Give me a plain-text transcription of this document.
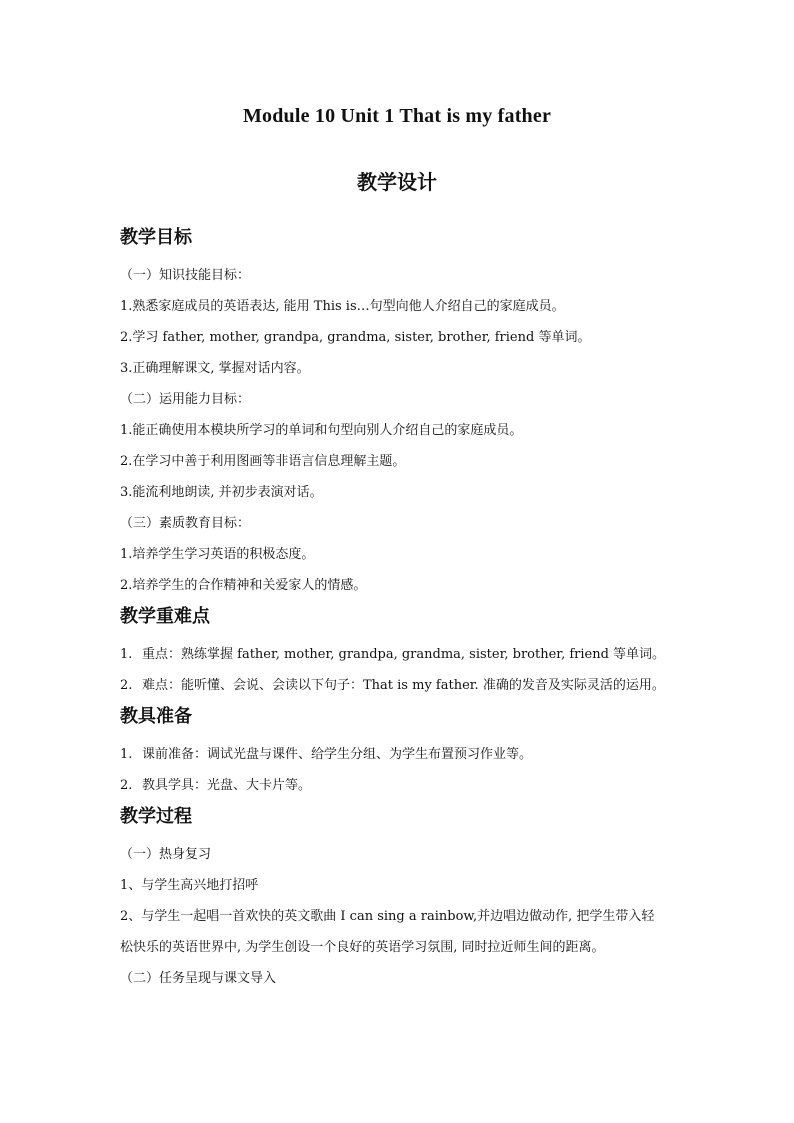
Module 10 Unit 1 That is my father
教学设计
教学目标
（一）知识技能目标：
1.熟悉家庭成员的英语表达, 能用 This is…句型向他人介绍自己的家庭成员。
2.学习 father, mother, grandpa, grandma, sister, brother, friend 等单词。
3.正确理解课文, 掌握对话内容。
（二）运用能力目标：
1.能正确使用本模块所学习的单词和句型向别人介绍自己的家庭成员。
2.在学习中善于利用图画等非语言信息理解主题。
3.能流利地朗读, 并初步表演对话。
（三）素质教育目标：
1.培养学生学习英语的积极态度。
2.培养学生的合作精神和关爱家人的情感。
教学重难点
1. 重点：熟练掌握 father, mother, grandpa, grandma, sister, brother, friend 等单词。
2. 难点：能听懂、会说、会读以下句子：That is my father. 准确的发音及实际灵活的运用。
教具准备
1. 课前准备：调试光盘与课件、给学生分组、为学生布置预习作业等。
2. 教具学具：光盘、大卡片等。
教学过程
（一）热身复习
1、与学生高兴地打招呼
2、与学生一起唱一首欢快的英文歌曲 I can sing a rainbow,并边唱边做动作, 把学生带入轻
松快乐的英语世界中, 为学生创设一个良好的英语学习氛围, 同时拉近师生间的距离。
（二）任务呈现与课文导入
